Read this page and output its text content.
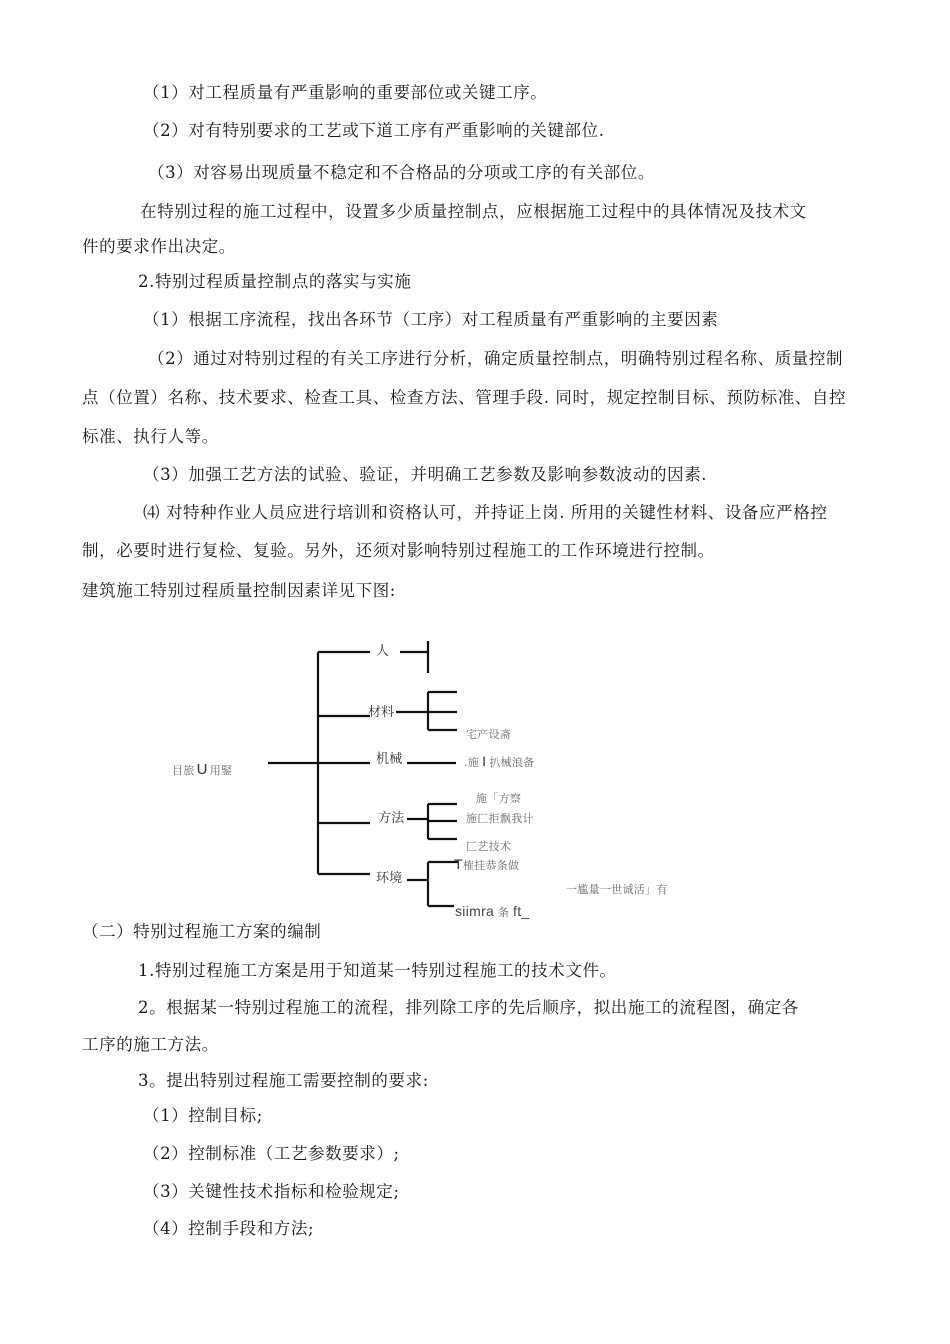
（1）对工程质量有严重影响的重要部位或关键工序。
（2）对有特别要求的工艺或下道工序有严重影响的关键部位.
（3）对容易出现质量不稳定和不合格品的分项或工序的有关部位。
在特别过程的施工过程中，设置多少质量控制点，应根据施工过程中的具体情况及技术文
件的要求作出决定。
2.特别过程质量控制点的落实与实施
（1）根据工序流程，找出各环节（工序）对工程质量有严重影响的主要因素
（2）通过对特别过程的有关工序进行分析，确定质量控制点，明确特别过程名称、质量控制
点（位置）名称、技术要求、检查工具、检查方法、管理手段. 同时，规定控制目标、预防标准、自控
标准、执行人等。
（3）加强工艺方法的试验、验证，并明确工艺参数及影响参数波动的因素.
⑷ 对特种作业人员应进行培训和资格认可，并持证上岗. 所用的关键性材料、设备应严格控
制，必要时进行复检、复验。另外，还须对影响特别过程施工的工作环境进行控制。
建筑施工特别过程质量控制因素详见下图:
目旅 U 用鋻
人
材料
机械
方法
环境
宅产设斋
.施 I 扒械浪备
施「方察
施匚拒飘我计
匚艺技术
T榷挂恭条做
一尴量一世诚活」有
siimra 条 ft_
（二）特别过程施工方案的编制
1.特别过程施工方案是用于知道某一特别过程施工的技术文件。
2。根据某一特别过程施工的流程，排列除工序的先后顺序，拟出施工的流程图，确定各
工序的施工方法。
3。提出特别过程施工需要控制的要求:
（1）控制目标;
（2）控制标准（工艺参数要求）;
（3）关键性技术指标和检验规定;
（4）控制手段和方法;
